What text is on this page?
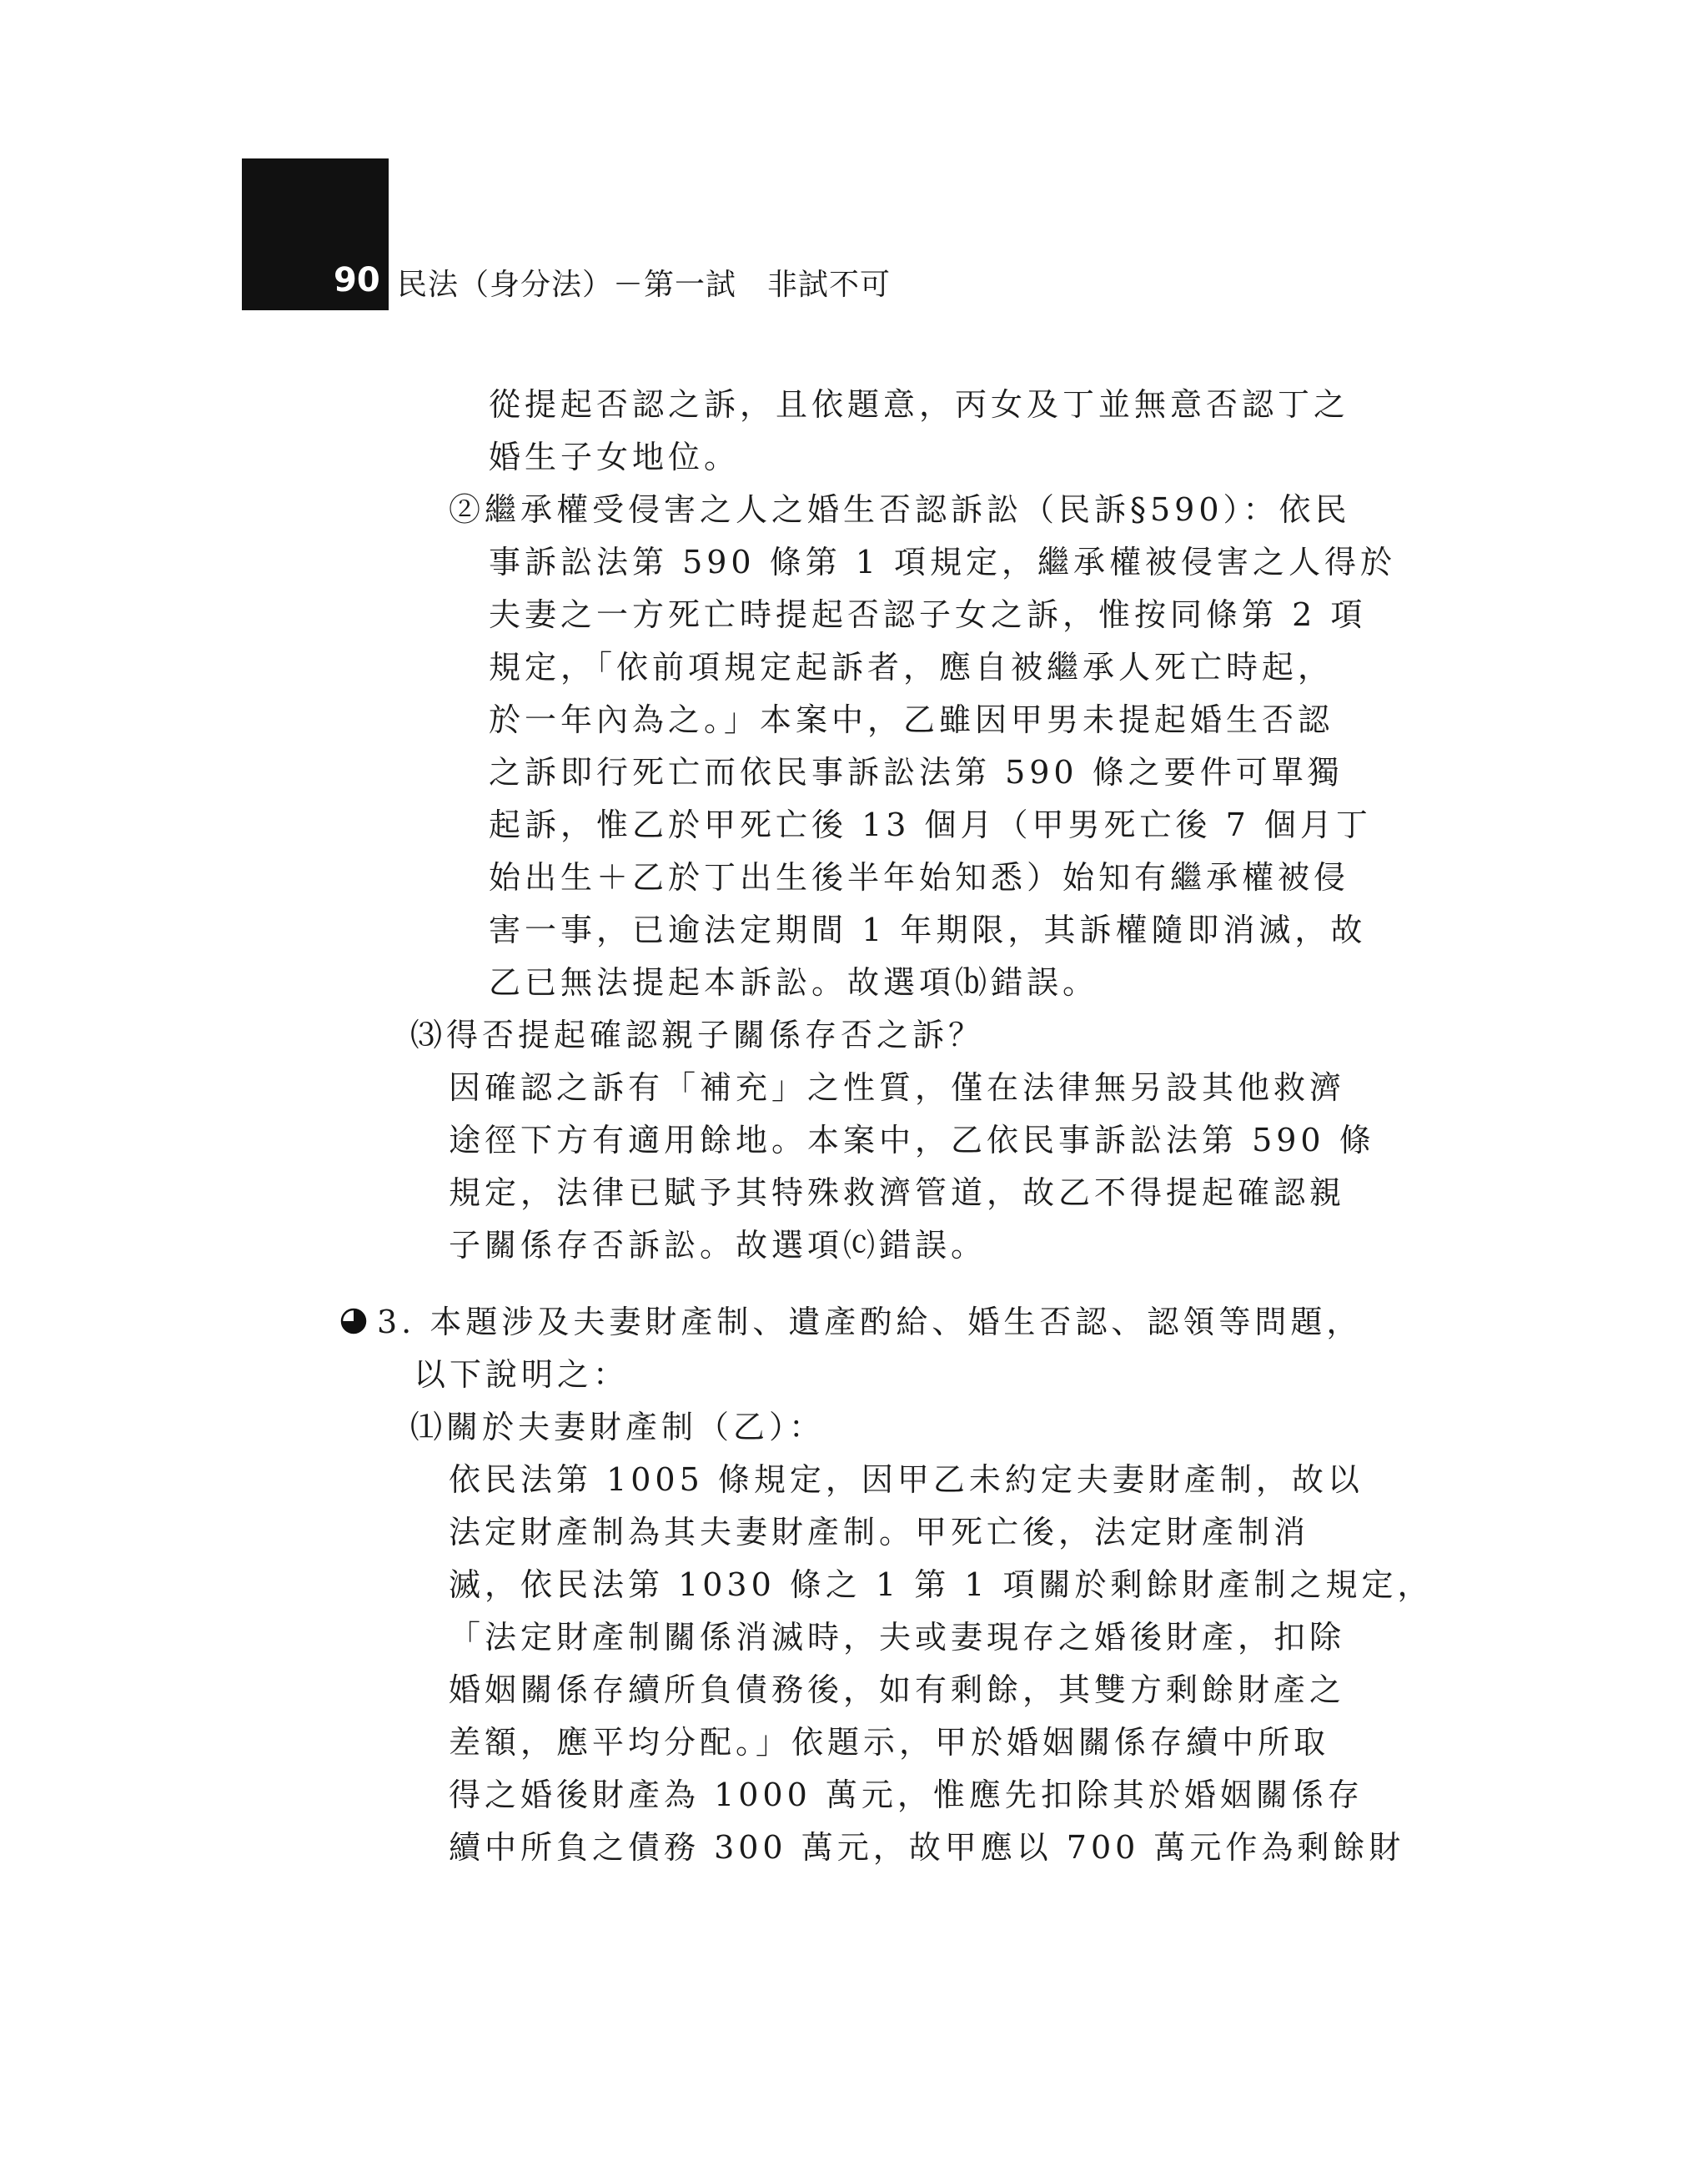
90 民法（身分法）－第一試　非試不可
從提起否認之訴，且依題意，丙女及丁並無意否認丁之
婚生子女地位。
②繼承權受侵害之人之婚生否認訴訟（民訴§590）：依民
事訴訟法第 590 條第 1 項規定，繼承權被侵害之人得於
夫妻之一方死亡時提起否認子女之訴，惟按同條第 2 項
規定，「依前項規定起訴者，應自被繼承人死亡時起，
於一年內為之。」本案中，乙雖因甲男未提起婚生否認
之訴即行死亡而依民事訴訟法第 590 條之要件可單獨
起訴，惟乙於甲死亡後 13 個月（甲男死亡後 7 個月丁
始出生＋乙於丁出生後半年始知悉）始知有繼承權被侵
害一事，已逾法定期間 1 年期限，其訴權隨即消滅，故
乙已無法提起本訴訟。故選項⒝錯誤。
⑶得否提起確認親子關係存否之訴？
因確認之訴有「補充」之性質，僅在法律無另設其他救濟
途徑下方有適用餘地。本案中，乙依民事訴訟法第 590 條
規定，法律已賦予其特殊救濟管道，故乙不得提起確認親
子關係存否訴訟。故選項⒞錯誤。
3. 本題涉及夫妻財產制、遺產酌給、婚生否認、認領等問題，
以下說明之：
⑴關於夫妻財產制（乙）：
依民法第 1005 條規定，因甲乙未約定夫妻財產制，故以
法定財產制為其夫妻財產制。甲死亡後，法定財產制消
滅，依民法第 1030 條之 1 第 1 項關於剩餘財產制之規定，
「法定財產制關係消滅時，夫或妻現存之婚後財產，扣除
婚姻關係存續所負債務後，如有剩餘，其雙方剩餘財產之
差額，應平均分配。」依題示，甲於婚姻關係存續中所取
得之婚後財產為 1000 萬元，惟應先扣除其於婚姻關係存
續中所負之債務 300 萬元，故甲應以 700 萬元作為剩餘財
